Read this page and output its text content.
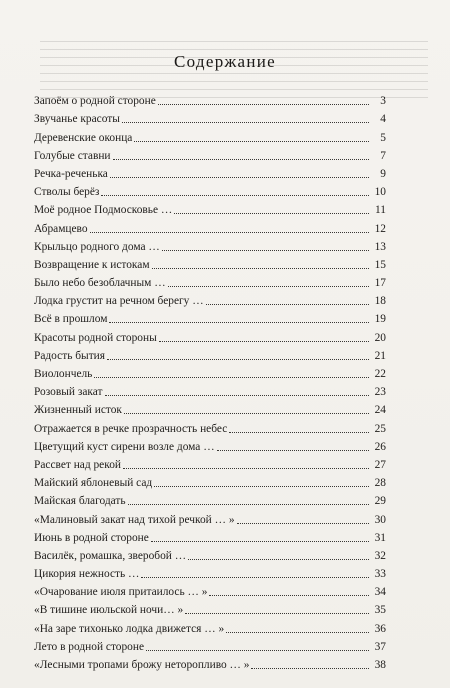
Содержание
Запоём о родной стороне	3
Звучанье красоты	4
Деревенские оконца	5
Голубые ставни	7
Речка-реченька	9
Стволы берёз	10
Моё родное Подмосковье …	11
Абрамцево	12
Крыльцо родного дома …	13
Возвращение к истокам	15
Было небо безоблачным …	17
Лодка грустит на речном берегу …	18
Всё в прошлом	19
Красоты родной стороны	20
Радость бытия	21
Виолончель	22
Розовый закат	23
Жизненный исток	24
Отражается в речке прозрачность небес	25
Цветущий куст сирени возле дома …	26
Рассвет над рекой	27
Майский яблоневый сад	28
Майская благодать	29
«Малиновый закат над тихой речкой … »	30
Июнь в родной стороне	31
Василёк, ромашка, зверобой …	32
Цикория нежность …	33
«Очарование июля притаилось … »	34
«В тишине июльской ночи… »	35
«На заре тихонько лодка движется … »	36
Лето в родной стороне	37
«Лесными тропами брожу неторопливо … »	38
